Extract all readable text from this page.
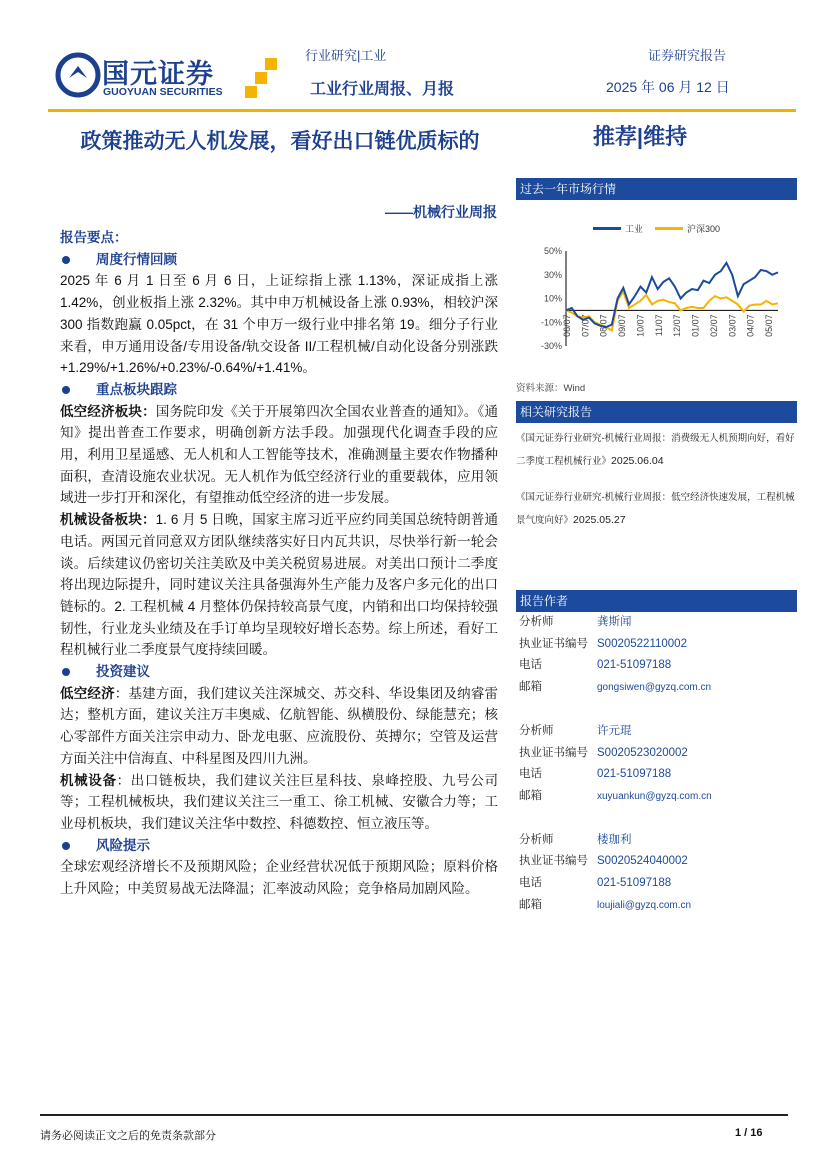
国元证券
GUOYUAN SECURITIES
行业研究|工业
工业行业周报、月报
证券研究报告
2025 年 06 月 12 日
政策推动无人机发展，看好出口链优质标的
——机械行业周报
推荐|维持
报告要点：
周度行情回顾
2025 年 6 月 1 日至 6 月 6 日，上证综指上涨 1.13%，深证成指上涨 1.42%，创业板指上涨 2.32%。其中申万机械设备上涨 0.93%，相较沪深 300 指数跑赢 0.05pct，在 31 个申万一级行业中排名第 19。细分子行业来看，申万通用设备/专用设备/轨交设备 II/工程机械/自动化设备分别涨跌+1.29%/+1.26%/+0.23%/-0.64%/+1.41%。
重点板块跟踪
低空经济板块：国务院印发《关于开展第四次全国农业普查的通知》。《通知》提出普查工作要求，明确创新方法手段。加强现代化调查手段的应用，利用卫星遥感、无人机和人工智能等技术，准确测量主要农作物播种面积，查清设施农业状况。无人机作为低空经济行业的重要载体，应用领域进一步打开和深化，有望推动低空经济的进一步发展。
机械设备板块：1. 6 月 5 日晚，国家主席习近平应约同美国总统特朗普通电话。两国元首同意双方团队继续落实好日内瓦共识，尽快举行新一轮会谈。后续建议仍密切关注美欧及中美关税贸易进展。对美出口预计二季度将出现边际提升，同时建议关注具备强海外生产能力及客户多元化的出口链标的。2. 工程机械 4 月整体仍保持较高景气度，内销和出口均保持较强韧性，行业龙头业绩及在手订单均呈现较好增长态势。综上所述，看好工程机械行业二季度景气度持续回暖。
投资建议
低空经济：基建方面，我们建议关注深城交、苏交科、华设集团及纳睿雷达；整机方面，建议关注万丰奥威、亿航智能、纵横股份、绿能慧充；核心零部件方面关注宗申动力、卧龙电驱、应流股份、英搏尔；空管及运营方面关注中信海直、中科星图及四川九洲。
机械设备：出口链板块，我们建议关注巨星科技、泉峰控股、九号公司等；工程机械板块，我们建议关注三一重工、徐工机械、安徽合力等；工业母机板块，我们建议关注华中数控、科德数控、恒立液压等。
风险提示
全球宏观经济增长不及预期风险；企业经营状况低于预期风险；原料价格上升风险；中美贸易战无法降温；汇率波动风险；竞争格局加剧风险。
过去一年市场行情
工业	沪深300
50%
30%
10%
-10%
-30%
06/07 07/07 08/07 09/07 10/07 11/07 12/07 01/07 02/07 03/07 04/07 05/07
资料来源：Wind
相关研究报告
《国元证券行业研究-机械行业周报：消费级无人机预期向好，看好二季度工程机械行业》2025.06.04
《国元证券行业研究-机械行业周报：低空经济快速发展，工程机械景气度向好》2025.05.27
报告作者
分析师	龚斯闻
执业证书编号 S0020522110002
电话	021-51097188
邮箱	gongsiwen@gyzq.com.cn
分析师	许元琨
执业证书编号 S0020523020002
电话	021-51097188
邮箱	xuyuankun@gyzq.com.cn
分析师	楼珈利
执业证书编号 S0020524040002
电话	021-51097188
邮箱	loujiali@gyzq.com.cn
请务必阅读正文之后的免责条款部分	1 / 16
